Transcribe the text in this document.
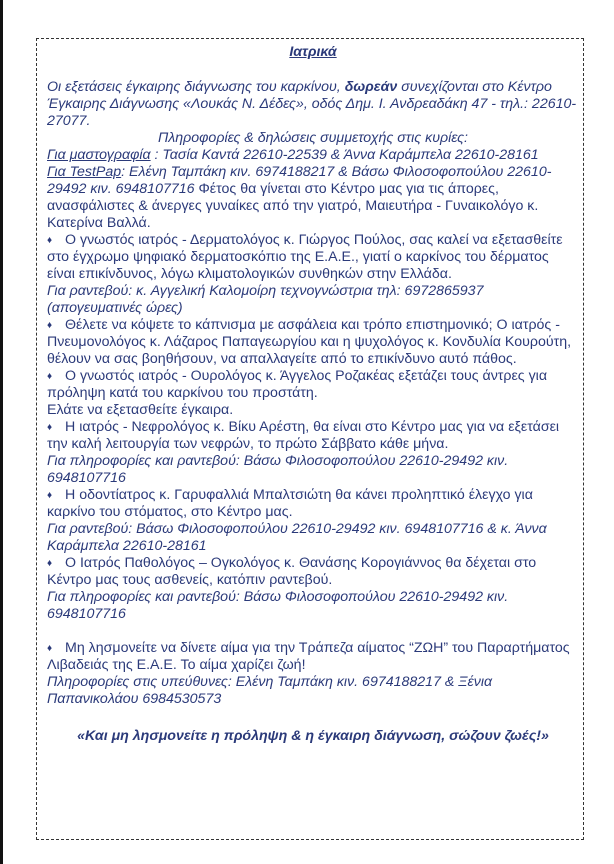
Ιατρικά

Οι εξετάσεις έγκαιρης διάγνωσης του καρκίνου, δωρεάν συνεχίζονται στο Κέντρο Έγκαιρης Διάγνωσης «Λουκάς Ν. Δέδες», οδός Δημ. Ι. Ανδρεαδάκη 47 - τηλ.: 22610-27077.

Πληροφορίες & δηλώσεις συμμετοχής στις κυρίες:

Για μαστογραφία : Τασία Καντά 22610-22539 & Άννα Καράμπελα 22610-28161

Για TestPap: Ελένη Ταμπάκη κιν. 6974188217 & Βάσω Φιλοσοφοπούλου 22610-29492 κιν. 6948107716 Φέτος θα γίνεται στο Κέντρο μας για τις άπορες, ανασφάλιστες & άνεργες γυναίκες από την γιατρό, Μαιευτήρα - Γυναικολόγο κ. Κατερίνα Βαλλά.

♦ Ο γνωστός ιατρός - Δερματολόγος κ. Γιώργος Πούλος, σας καλεί να εξετασθείτε στο έγχρωμο ψηφιακό δερματοσκόπιο της Ε.Α.Ε., γιατί ο καρκίνος του δέρματος είναι επικίνδυνος, λόγω κλιματολογικών συνθηκών στην Ελλάδα.

Για ραντεβού: κ. Αγγελική Καλομοίρη τεχνογνώστρια τηλ: 6972865937 (απογευματινές ώρες)

♦ Θέλετε να κόψετε το κάπνισμα με ασφάλεια και τρόπο επιστημονικό; Ο ιατρός - Πνευμονολόγος κ. Λάζαρος Παπαγεωργίου και η ψυχολόγος κ. Κονδυλία Κουρούτη, θέλουν να σας βοηθήσουν, να απαλλαγείτε από το επικίνδυνο αυτό πάθος.

♦ Ο γνωστός ιατρός - Ουρολόγος κ. Άγγελος Ροζακέας εξετάζει τους άντρες για πρόληψη κατά του καρκίνου του προστάτη.

Ελάτε να εξετασθείτε έγκαιρα.

♦ Η ιατρός - Νεφρολόγος κ. Βίκυ Αρέστη, θα είναι στο Κέντρο μας για να εξετάσει την καλή λειτουργία των νεφρών, το πρώτο Σάββατο κάθε μήνα.

Για πληροφορίες και ραντεβού: Βάσω Φιλοσοφοπούλου 22610-29492 κιν. 6948107716

♦ Η οδοντίατρος κ. Γαρυφαλλιά Μπαλτσιώτη θα κάνει προληπτικό έλεγχο για καρκίνο του στόματος, στο Κέντρο μας.

Για ραντεβού: Βάσω Φιλοσοφοπούλου 22610-29492 κιν. 6948107716 & κ. Άννα Καράμπελα 22610-28161

♦ Ο Ιατρός Παθολόγος – Ογκολόγος κ. Θανάσης Κορογιάννος θα δέχεται στο Κέντρο μας τους ασθενείς, κατόπιν ραντεβού.

Για πληροφορίες και ραντεβού: Βάσω Φιλοσοφοπούλου 22610-29492 κιν. 6948107716

♦ Μη λησμονείτε να δίνετε αίμα για την Τράπεζα αίματος “ΖΩΗ” του Παραρτήματος Λιβαδειάς της Ε.Α.Ε. Το αίμα χαρίζει ζωή!

Πληροφορίες στις υπεύθυνες: Ελένη Ταμπάκη κιν. 6974188217 & Ξένια Παπανικολάου 6984530573

«Και μη λησμονείτε η πρόληψη & η έγκαιρη διάγνωση, σώζουν ζωές!»
